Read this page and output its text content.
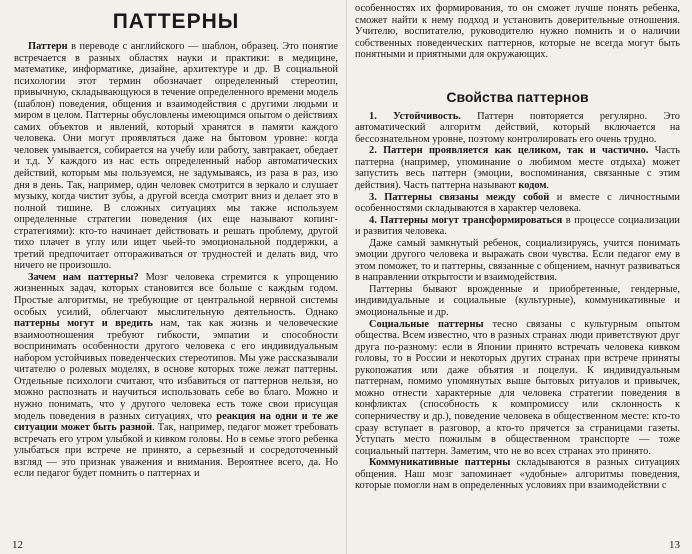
ПАТТЕРНЫ

Паттерн в переводе с английского — шаблон, образец. Это понятие встречается в разных областях науки и практики: в медицине, математике, информатике, дизайне, архитектуре и др. В социальной психологии этот термин обозначает определенный стереотип, привычную, складывающуюся в течение определенного времени модель (шаблон) поведения, общения и взаимодействия с другими людьми и миром в целом. Паттерны обусловлены имеющимся опытом о действиях самих объектов и явлений, который хранятся в памяти каждого человека. Они могут проявляться даже на бытовом уровне: когда человек умывается, собирается на учебу или работу, завтракает, обедает и т.д. У каждого из нас есть определенный набор автоматических действий, которым мы пользуемся, не задумываясь, из раза в раз, изо дня в день. Так, например, один человек смотрится в зеркало и слушает музыку, когда чистит зубы, а другой всегда смотрит вниз и делает это в полной тишине. В сложных ситуациях мы также используем определенные стратегии поведения (их еще называют копинг-стратегиями): кто-то начинает действовать и решать проблему, другой тихо плачет в углу или ищет чьей-то эмоциональной поддержки, а третий предпочитает отгораживаться от трудностей и делать вид, что ничего не произошло.

Зачем нам паттерны? Мозг человека стремится к упрощению жизненных задач, которых становится все больше с каждым годом. Простые алгоритмы, не требующие от центральной нервной системы особых усилий, облегчают мыслительную деятельность. Однако паттерны могут и вредить нам, так как жизнь и человеческие взаимоотношения требуют гибкости, эмпатии и способности воспринимать особенности другого человека с его индивидуальным набором устойчивых поведенческих стереотипов. Мы уже рассказывали читателю о ролевых моделях, в основе которых тоже лежат паттерны. Отдельные психологи считают, что избавиться от паттернов нельзя, но можно распознать и научиться использовать себе во благо. Можно и нужно понимать, что у другого человека есть тоже свои присущая модель поведения в разных ситуациях, что реакция на одни и те же ситуации может быть разной. Так, например, педагог может требовать встречать его утром улыбкой и кивком головы. Но в семье этого ребенка улыбаться при встрече не принято, а серьезный и сосредоточенный взгляд — это признак уважения и внимания. Вероятнее всего, да. Но если педагог будет помнить о паттернах и

12

особенностях их формирования, то он сможет лучше понять ребенка, сможет найти к нему подход и установить доверительные отношения. Учителю, воспитателю, руководителю нужно помнить и о наличии собственных поведенческих паттернов, которые не всегда могут быть понятными и приятными для окружающих.

Свойства паттернов

1. Устойчивость. Паттерн повторяется регулярно. Это автоматический алгоритм действий, который включается на бессознательном уровне, поэтому контролировать его очень трудно.

2. Паттерн проявляется как целиком, так и частично. Часть паттерна (например, упоминание о любимом месте отдыха) может запустить весь паттерн (эмоции, воспоминания, связанные с этим действия). Часть паттерна называют кодом.

3. Паттерны связаны между собой и вместе с личностными особенностями складываются в характер человека.

4. Паттерны могут трансформироваться в процессе социализации и развития человека.

Даже самый замкнутый ребенок, социализируясь, учится понимать эмоции другого человека и выражать свои чувства. Если педагог ему в этом поможет, то и паттерны, связанные с общением, начнут развиваться в направлении открытости и взаимодействия.

Паттерны бывают врожденные и приобретенные, гендерные, индивидуальные и социальные (культурные), коммуникативные и эмоциональные и др.

Социальные паттерны тесно связаны с культурным опытом общества. Всем известно, что в разных странах люди приветствуют друг друга по-разному: если в Японии принято встречать человека кивком головы, то в России и некоторых других странах при встрече приняты рукопожатия или даже объятия и поцелуи. К индивидуальным паттернам, помимо упомянутых выше бытовых ритуалов и привычек, можно отнести характерные для человека стратегии поведения в конфликтах (способность к компромиссу или склонность к соперничеству и др.), поведение человека в общественном месте: кто-то сразу вступает в разговор, а кто-то прячется за страницами газеты. Уступать место пожилым в общественном транспорте — тоже социальный паттерн. Заметим, что не во всех странах это принято.

Коммуникативные паттерны складываются в разных ситуациях общения. Наш мозг запоминает «удобные» алгоритмы поведения, которые помогли нам в определенных условиях при взаимодействии с

13
